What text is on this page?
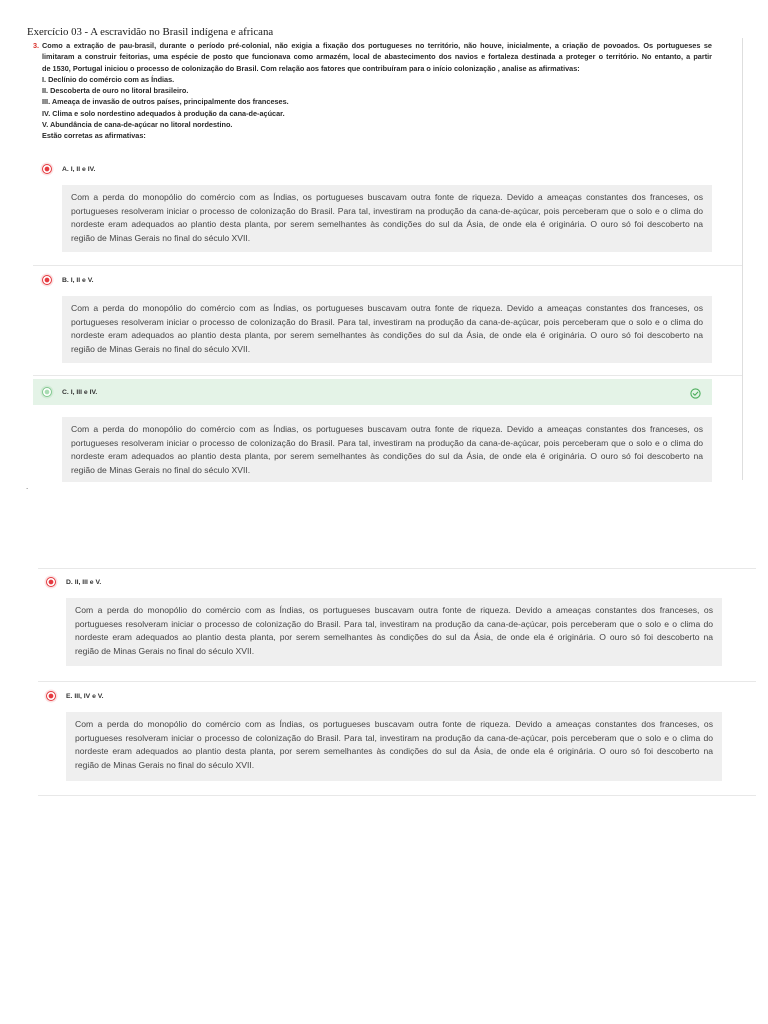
Exercício 03 - A escravidão no Brasil indígena e africana
3. Como a extração de pau-brasil, durante o período pré-colonial, não exigia a fixação dos portugueses no território, não houve, inicialmente, a criação de povoados. Os portugueses se
limitaram a construir feitorias, uma espécie de posto que funcionava como armazém, local de abastecimento dos navios e fortaleza destinada a proteger o território. No entanto, a partir
de 1530, Portugal iniciou o processo de colonização do Brasil. Com relação aos fatores que contribuíram para o início colonização , analise as afirmativas:
I. Declínio do comércio com as Índias.
II. Descoberta de ouro no litoral brasileiro.
III. Ameaça de invasão de outros países, principalmente dos franceses.
IV. Clima e solo nordestino adequados à produção da cana-de-açúcar.
V. Abundância de cana-de-açúcar no litoral nordestino.
Estão corretas as afirmativas:
A. I, II e IV.
Com a perda do monopólio do comércio com as Índias, os portugueses buscavam outra fonte de riqueza. Devido a ameaças constantes dos franceses, os
portugueses resolveram iniciar o processo de colonização do Brasil. Para tal, investiram na produção da cana-de-açúcar, pois perceberam que o solo e o clima do
nordeste eram adequados ao plantio desta planta, por serem semelhantes às condições do sul da Ásia, de onde ela é originária. O ouro só foi descoberto na
região de Minas Gerais no final do século XVII.
B. I, II e V.
Com a perda do monopólio do comércio com as Índias, os portugueses buscavam outra fonte de riqueza. Devido a ameaças constantes dos franceses, os
portugueses resolveram iniciar o processo de colonização do Brasil. Para tal, investiram na produção da cana-de-açúcar, pois perceberam que o solo e o clima do
nordeste eram adequados ao plantio desta planta, por serem semelhantes às condições do sul da Ásia, de onde ela é originária. O ouro só foi descoberto na
região de Minas Gerais no final do século XVII.
C. I, III e IV.
Com a perda do monopólio do comércio com as Índias, os portugueses buscavam outra fonte de riqueza. Devido a ameaças constantes dos franceses, os
portugueses resolveram iniciar o processo de colonização do Brasil. Para tal, investiram na produção da cana-de-açúcar, pois perceberam que o solo e o clima do
nordeste eram adequados ao plantio desta planta, por serem semelhantes às condições do sul da Ásia, de onde ela é originária. O ouro só foi descoberto na
região de Minas Gerais no final do século XVII.
.
D. II, III e V.
Com a perda do monopólio do comércio com as Índias, os portugueses buscavam outra fonte de riqueza. Devido a ameaças constantes dos franceses, os
portugueses resolveram iniciar o processo de colonização do Brasil. Para tal, investiram na produção da cana-de-açúcar, pois perceberam que o solo e o clima do
nordeste eram adequados ao plantio desta planta, por serem semelhantes às condições do sul da Ásia, de onde ela é originária. O ouro só foi descoberto na
região de Minas Gerais no final do século XVII.
E. III, IV e V.
Com a perda do monopólio do comércio com as Índias, os portugueses buscavam outra fonte de riqueza. Devido a ameaças constantes dos franceses, os
portugueses resolveram iniciar o processo de colonização do Brasil. Para tal, investiram na produção da cana-de-açúcar, pois perceberam que o solo e o clima do
nordeste eram adequados ao plantio desta planta, por serem semelhantes às condições do sul da Ásia, de onde ela é originária. O ouro só foi descoberto na
região de Minas Gerais no final do século XVII.
